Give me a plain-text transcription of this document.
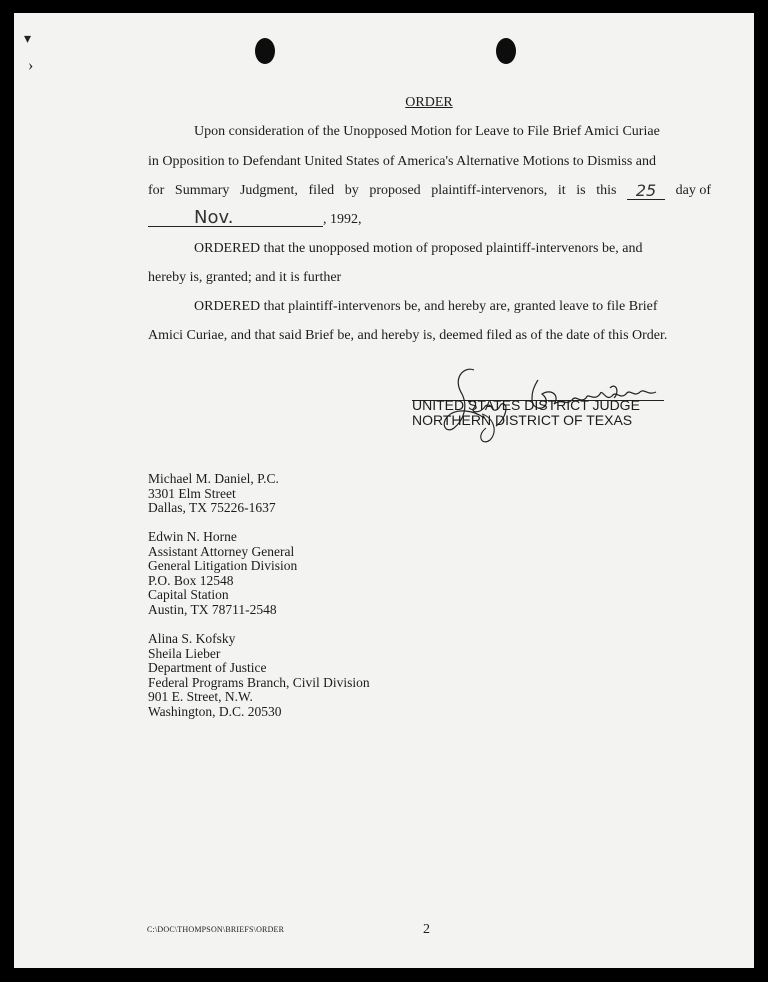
▾
›
ORDER
Upon consideration of the Unopposed Motion for Leave to File Brief Amici Curiae
in Opposition to Defendant United States of America's Alternative Motions to Dismiss and
for Summary Judgment, filed by proposed plaintiff-intervenors, it is this	25	day of
Nov.	, 1992,
ORDERED that the unopposed motion of proposed plaintiff-intervenors be, and
hereby is, granted; and it is further
ORDERED that plaintiff-intervenors be, and hereby are, granted leave to file Brief
Amici Curiae, and that said Brief be, and hereby is, deemed filed as of the date of this Order.
UNITED STATES DISTRICT JUDGE
NORTHERN DISTRICT OF TEXAS
Michael M. Daniel, P.C.
3301 Elm Street
Dallas, TX 75226-1637
Edwin N. Horne
Assistant Attorney General
General Litigation Division
P.O. Box 12548
Capital Station
Austin, TX 78711-2548
Alina S. Kofsky
Sheila Lieber
Department of Justice
Federal Programs Branch, Civil Division
901 E. Street, N.W.
Washington, D.C. 20530
C:\DOC\THOMPSON\BRIEFS\ORDER	2
